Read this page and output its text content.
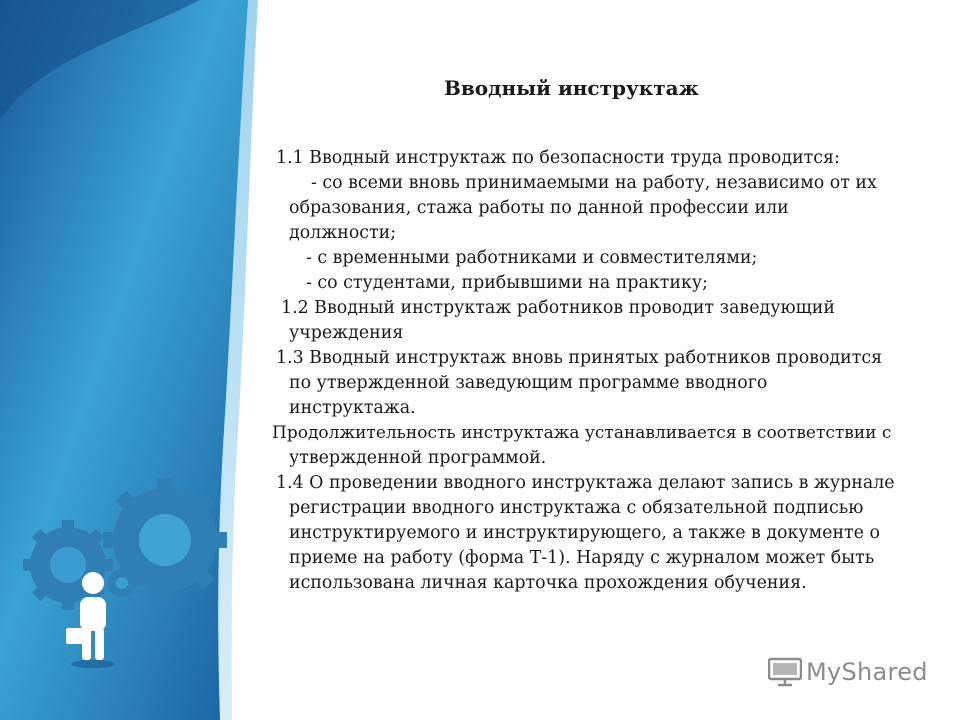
Вводный инструктаж
1.1 Вводный инструктаж по безопасности труда проводится:
- со всеми вновь принимаемыми на работу, независимо от их
образования, стажа работы по данной профессии или
должности;
- с временными работниками и совместителями;
- со студентами, прибывшими на практику;
1.2 Вводный инструктаж работников проводит заведующий
учреждения
1.3 Вводный инструктаж вновь принятых работников проводится
по утвержденной заведующим программе вводного
инструктажа.
Продолжительность инструктажа устанавливается в соответствии с
утвержденной программой.
1.4 О проведении вводного инструктажа делают запись в журнале
регистрации вводного инструктажа с обязательной подписью
инструктируемого и инструктирующего, а также в документе о
приеме на работу (форма Т-1). Наряду с журналом может быть
использована личная карточка прохождения обучения.
MyShared
